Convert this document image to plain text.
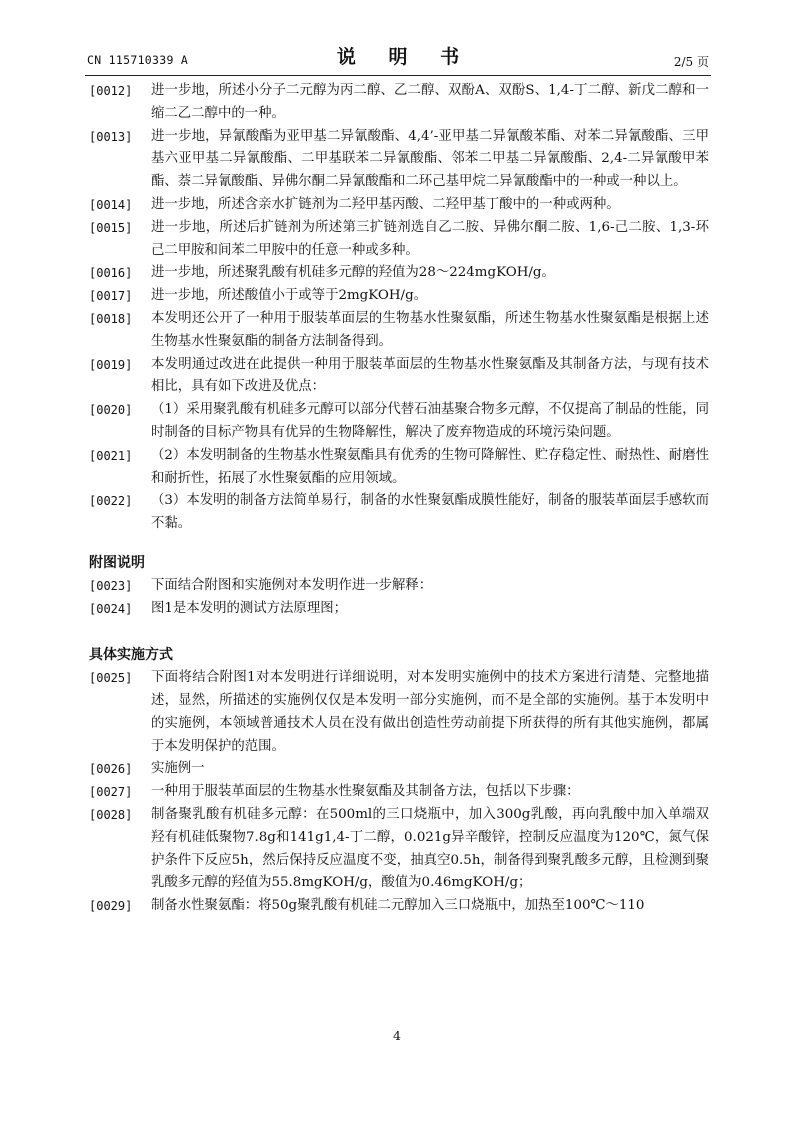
CN 115710339 A	说 明 书	2/5 页
[0012]	进一步地，所述小分子二元醇为丙二醇、乙二醇、双酚A、双酚S、1,4-丁二醇、新戊二醇和一缩二乙二醇中的一种。
[0013]	进一步地，异氰酸酯为亚甲基二异氰酸酯、4,4’-亚甲基二异氰酸苯酯、对苯二异氰酸酯、三甲基六亚甲基二异氰酸酯、二甲基联苯二异氰酸酯、邻苯二甲基二异氰酸酯、2,4-二异氰酸甲苯酯、萘二异氰酸酯、异佛尔酮二异氰酸酯和二环己基甲烷二异氰酸酯中的一种或一种以上。
[0014]	进一步地，所述含亲水扩链剂为二羟甲基丙酸、二羟甲基丁酸中的一种或两种。
[0015]	进一步地，所述后扩链剂为所述第三扩链剂选自乙二胺、异佛尔酮二胺、1,6-己二胺、1,3-环己二甲胺和间苯二甲胺中的任意一种或多种。
[0016]	进一步地，所述聚乳酸有机硅多元醇的羟值为28～224mgKOH/g。
[0017]	进一步地，所述酸值小于或等于2mgKOH/g。
[0018]	本发明还公开了一种用于服装革面层的生物基水性聚氨酯，所述生物基水性聚氨酯是根据上述生物基水性聚氨酯的制备方法制备得到。
[0019]	本发明通过改进在此提供一种用于服装革面层的生物基水性聚氨酯及其制备方法，与现有技术相比，具有如下改进及优点：
[0020]	（1）采用聚乳酸有机硅多元醇可以部分代替石油基聚合物多元醇，不仅提高了制品的性能，同时制备的目标产物具有优异的生物降解性，解决了废弃物造成的环境污染问题。
[0021]	（2）本发明制备的生物基水性聚氨酯具有优秀的生物可降解性、贮存稳定性、耐热性、耐磨性和耐折性，拓展了水性聚氨酯的应用领域。
[0022]	（3）本发明的制备方法简单易行，制备的水性聚氨酯成膜性能好，制备的服装革面层手感软而不黏。
附图说明
[0023]	下面结合附图和实施例对本发明作进一步解释：
[0024]	图1是本发明的测试方法原理图；
具体实施方式
[0025]	下面将结合附图1对本发明进行详细说明，对本发明实施例中的技术方案进行清楚、完整地描述，显然，所描述的实施例仅仅是本发明一部分实施例，而不是全部的实施例。基于本发明中的实施例，本领域普通技术人员在没有做出创造性劳动前提下所获得的所有其他实施例，都属于本发明保护的范围。
[0026]	实施例一
[0027]	一种用于服装革面层的生物基水性聚氨酯及其制备方法，包括以下步骤：
[0028]	制备聚乳酸有机硅多元醇：在500ml的三口烧瓶中，加入300g乳酸，再向乳酸中加入单端双羟有机硅低聚物7.8g和141g1,4-丁二醇，0.021g异辛酸锌，控制反应温度为120℃，氮气保护条件下反应5h，然后保持反应温度不变，抽真空0.5h，制备得到聚乳酸多元醇，且检测到聚乳酸多元醇的羟值为55.8mgKOH/g，酸值为0.46mgKOH/g；
[0029]	制备水性聚氨酯：将50g聚乳酸有机硅二元醇加入三口烧瓶中，加热至100℃～110
4
